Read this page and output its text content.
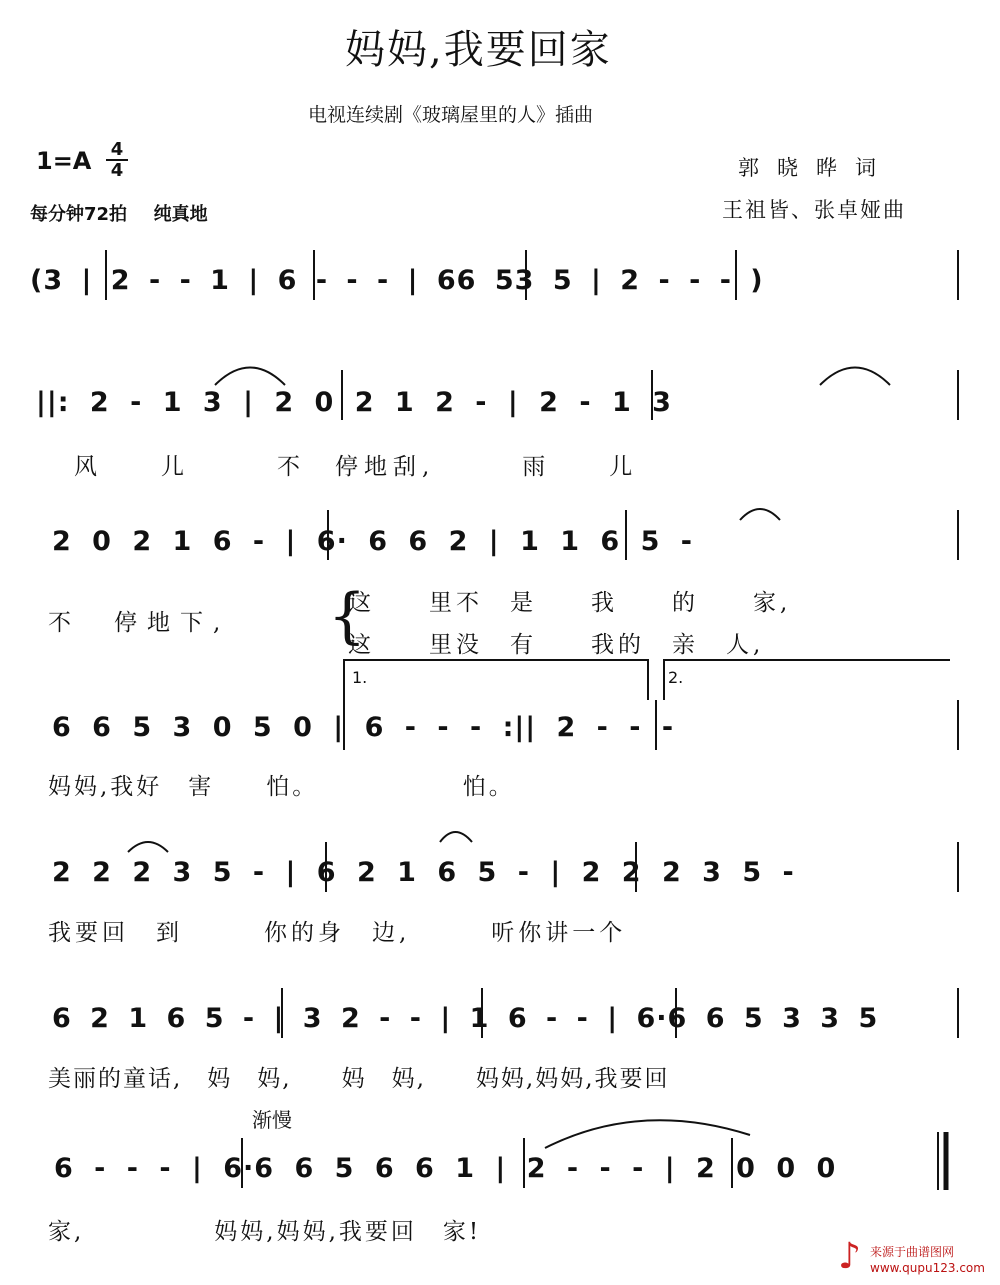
妈妈,我要回家
电视连续剧《玻璃屋里的人》插曲
1=A 4
4
每分钟72拍 纯真地
郭晓晔词
王祖皆、张卓娅曲
(3 | 2 - - 1 | 6 - - - | 66 53 5 | 2 - - - )
||: 2 - 1 3 | 2 0 2 1 2 - | 2 - 1 3
风　　儿　　　不　停地刮,　　　雨　　儿
2 0 2 1 6 - | 6· 6 6 2 | 1 1 6 5 -
不　停地下,
这　　里不　是　　我　　的　　家,
这　　里没　有　　我的　亲　人,
{
1.	2.
6 6 5 3 0 5 0 | 6 - - - :|| 2 - - -
妈妈,我好　害　　怕。　　　　　　怕。
2 2 2 3 5 - | 6 2 1 6 5 - | 2 2 2 3 5 -
我要回　到　　　你的身　边,　　　听你讲一个
6 2 1 6 5 - | 3 2 - - | 1 6 - - | 6·6 6 5 3 3 5
美丽的童话,　妈　妈,　　妈　妈,　　妈妈,妈妈,我要回
渐慢
6 - - - | 6·6 6 5 6 6 1 | 2 - - - | 2 0 0 0
家,　　　　　妈妈,妈妈,我要回　家!
来源于曲谱图网
www.qupu123.com
♪
